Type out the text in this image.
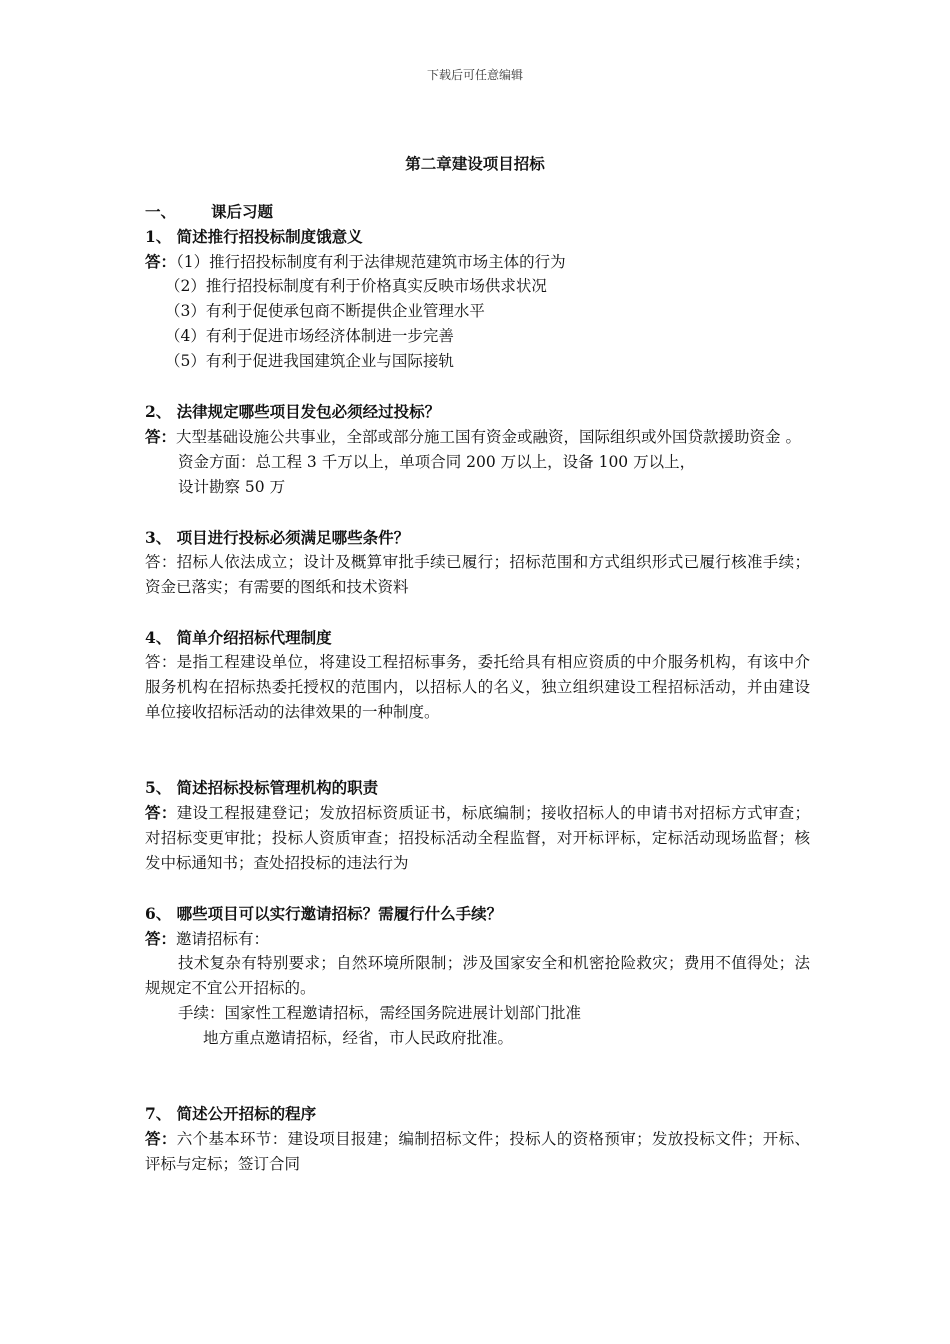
下载后可任意编辑
第二章建设项目招标
一、 课后习题
1、 简述推行招投标制度饿意义
答：（1）推行招投标制度有利于法律规范建筑市场主体的行为
（2）推行招投标制度有利于价格真实反映市场供求状况
（3）有利于促使承包商不断提供企业管理水平
（4）有利于促进市场经济体制进一步完善
（5）有利于促进我国建筑企业与国际接轨
2、 法律规定哪些项目发包必须经过投标？
答：大型基础设施公共事业，全部或部分施工国有资金或融资，国际组织或外国贷款援助资金 。
资金方面：总工程 3 千万以上，单项合同 200 万以上，设备 100 万以上，
设计勘察 50 万
3、 项目进行投标必须满足哪些条件？
答：招标人依法成立；设计及概算审批手续已履行；招标范围和方式组织形式已履行核准手续；资金已落实；有需要的图纸和技术资料
4、 简单介绍招标代理制度
答：是指工程建设单位，将建设工程招标事务，委托给具有相应资质的中介服务机构，有该中介服务机构在招标热委托授权的范围内，以招标人的名义，独立组织建设工程招标活动，并由建设单位接收招标活动的法律效果的一种制度。
5、 简述招标投标管理机构的职责
答：建设工程报建登记；发放招标资质证书，标底编制；接收招标人的申请书对招标方式审查；对招标变更审批；投标人资质审查；招投标活动全程监督，对开标评标，定标活动现场监督；核发中标通知书；查处招投标的违法行为
6、 哪些项目可以实行邀请招标？需履行什么手续？
答：邀请招标有：
技术复杂有特别要求；自然环境所限制；涉及国家安全和机密抢险救灾；费用不值得处；法规规定不宜公开招标的。
手续：国家性工程邀请招标，需经国务院进展计划部门批准
地方重点邀请招标，经省，市人民政府批准。
7、 简述公开招标的程序
答：六个基本环节：建设项目报建；编制招标文件；投标人的资格预审；发放投标文件；开标、评标与定标；签订合同
